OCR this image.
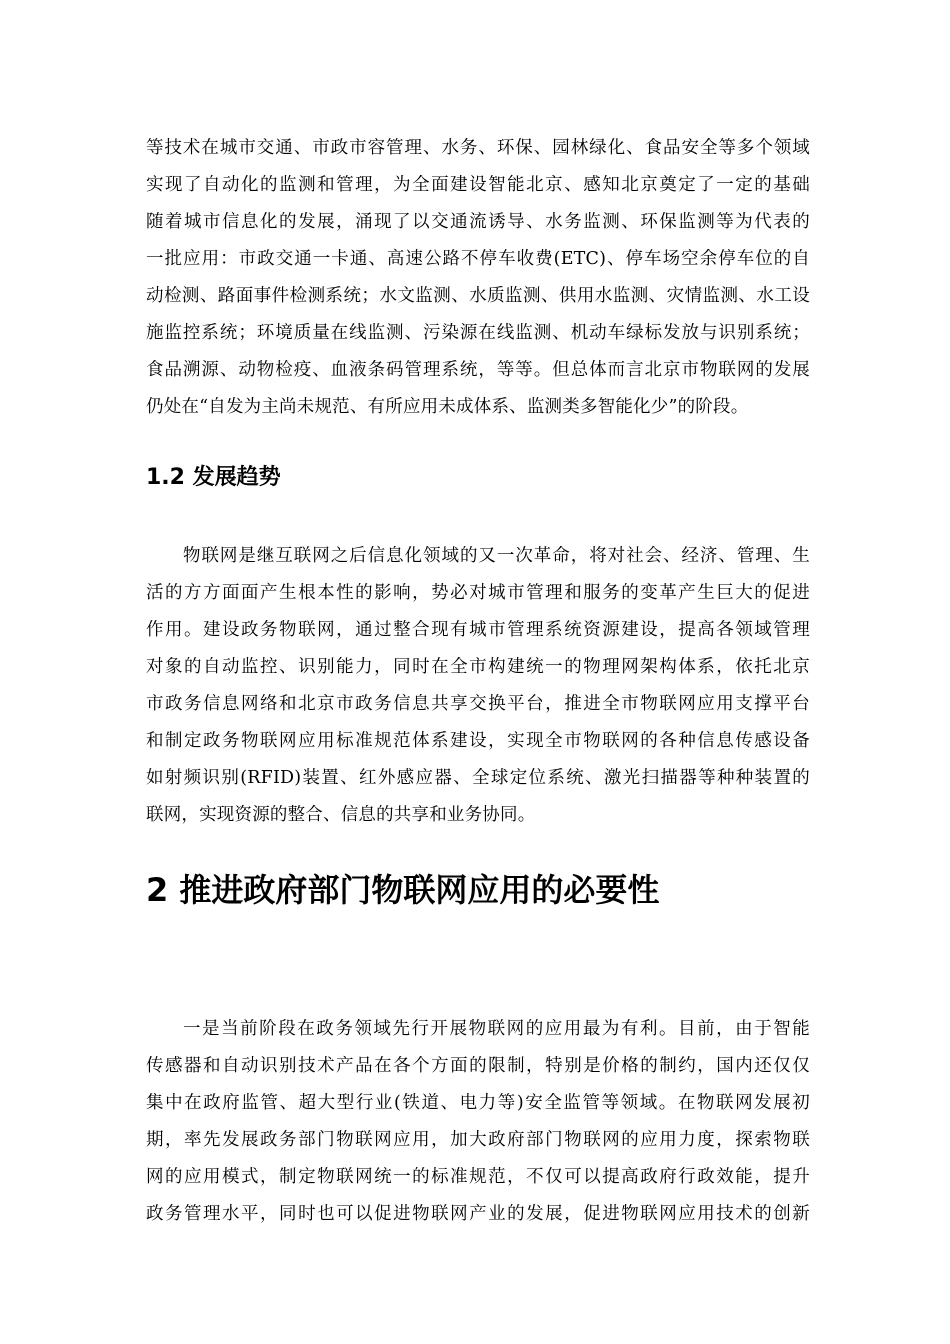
等技术在城市交通、市政市容管理、水务、环保、园林绿化、食品安全等多个领域
实现了自动化的监测和管理，为全面建设智能北京、感知北京奠定了一定的基础
随着城市信息化的发展，涌现了以交通流诱导、水务监测、环保监测等为代表的
一批应用：市政交通一卡通、高速公路不停车收费(ETC)、停车场空余停车位的自
动检测、路面事件检测系统；水文监测、水质监测、供用水监测、灾情监测、水工设
施监控系统；环境质量在线监测、污染源在线监测、机动车绿标发放与识别系统；
食品溯源、动物检疫、血液条码管理系统，等等。但总体而言北京市物联网的发展
仍处在“自发为主尚未规范、有所应用未成体系、监测类多智能化少”的阶段。
1.2 发展趋势
物联网是继互联网之后信息化领域的又一次革命，将对社会、经济、管理、生
活的方方面面产生根本性的影响，势必对城市管理和服务的变革产生巨大的促进
作用。建设政务物联网，通过整合现有城市管理系统资源建设，提高各领域管理
对象的自动监控、识别能力，同时在全市构建统一的物理网架构体系，依托北京
市政务信息网络和北京市政务信息共享交换平台，推进全市物联网应用支撑平台
和制定政务物联网应用标准规范体系建设，实现全市物联网的各种信息传感设备
如射频识别(RFID)装置、红外感应器、全球定位系统、激光扫描器等种种装置的
联网，实现资源的整合、信息的共享和业务协同。
2 推进政府部门物联网应用的必要性
一是当前阶段在政务领域先行开展物联网的应用最为有利。目前，由于智能
传感器和自动识别技术产品在各个方面的限制，特别是价格的制约，国内还仅仅
集中在政府监管、超大型行业(铁道、电力等)安全监管等领域。在物联网发展初
期，率先发展政务部门物联网应用，加大政府部门物联网的应用力度，探索物联
网的应用模式，制定物联网统一的标准规范，不仅可以提高政府行政效能，提升
政务管理水平，同时也可以促进物联网产业的发展，促进物联网应用技术的创新
